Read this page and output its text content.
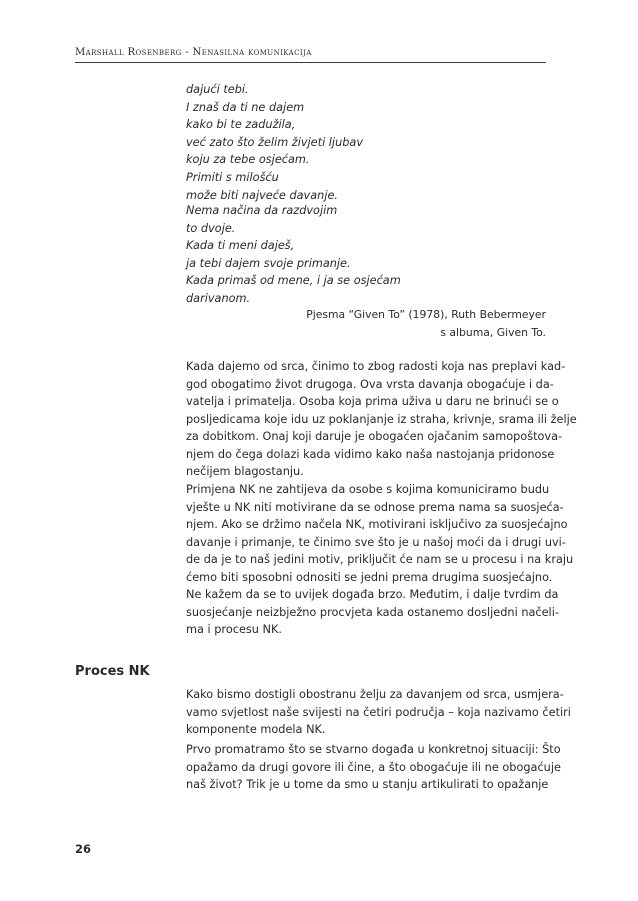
Marshall Rosenberg - Nenasilna komunikacija
dajući tebi.
I znaš da ti ne dajem
kako bi te zadužila,
već zato što želim živjeti ljubav
koju za tebe osjećam.
Primiti s milošću
može biti najveće davanje.
Nema načina da razdvojim
to dvoje.
Kada ti meni daješ,
ja tebi dajem svoje primanje.
Kada primaš od mene, i ja se osjećam
darivanom.
Pjesma “Given To” (1978), Ruth Bebermeyer
s albuma, Given To.
Kada dajemo od srca, činimo to zbog radosti koja nas preplavi kad-
god obogatimo život drugoga. Ova vrsta davanja obogaćuje i da-
vatelja i primatelja. Osoba koja prima uživa u daru ne brinući se o
posljedicama koje idu uz poklanjanje iz straha, krivnje, srama ili želje
za dobitkom. Onaj koji daruje je obogaćen ojačanim samopoštova-
njem do čega dolazi kada vidimo kako naša nastojanja pridonose
nečijem blagostanju.
Primjena NK ne zahtijeva da osobe s kojima komuniciramo budu
vješte u NK niti motivirane da se odnose prema nama sa suosjeća-
njem. Ako se držimo načela NK, motivirani isključivo za suosjećajno
davanje i primanje, te činimo sve što je u našoj moći da i drugi uvi-
de da je to naš jedini motiv, priključit će nam se u procesu i na kraju
ćemo biti sposobni odnositi se jedni prema drugima suosjećajno.
Ne kažem da se to uvijek događa brzo. Međutim, i dalje tvrdim da
suosjećanje neizbježno procvjeta kada ostanemo dosljedni načeli-
ma i procesu NK.
Proces NK
Kako bismo dostigli obostranu želju za davanjem od srca, usmjera-
vamo svjetlost naše svijesti na četiri područja – koja nazivamo četiri
komponente modela NK.
Prvo promatramo što se stvarno događa u konkretnoj situaciji: Što
opažamo da drugi govore ili čine, a što obogaćuje ili ne obogaćuje
naš život? Trik je u tome da smo u stanju artikulirati to opažanje
26
